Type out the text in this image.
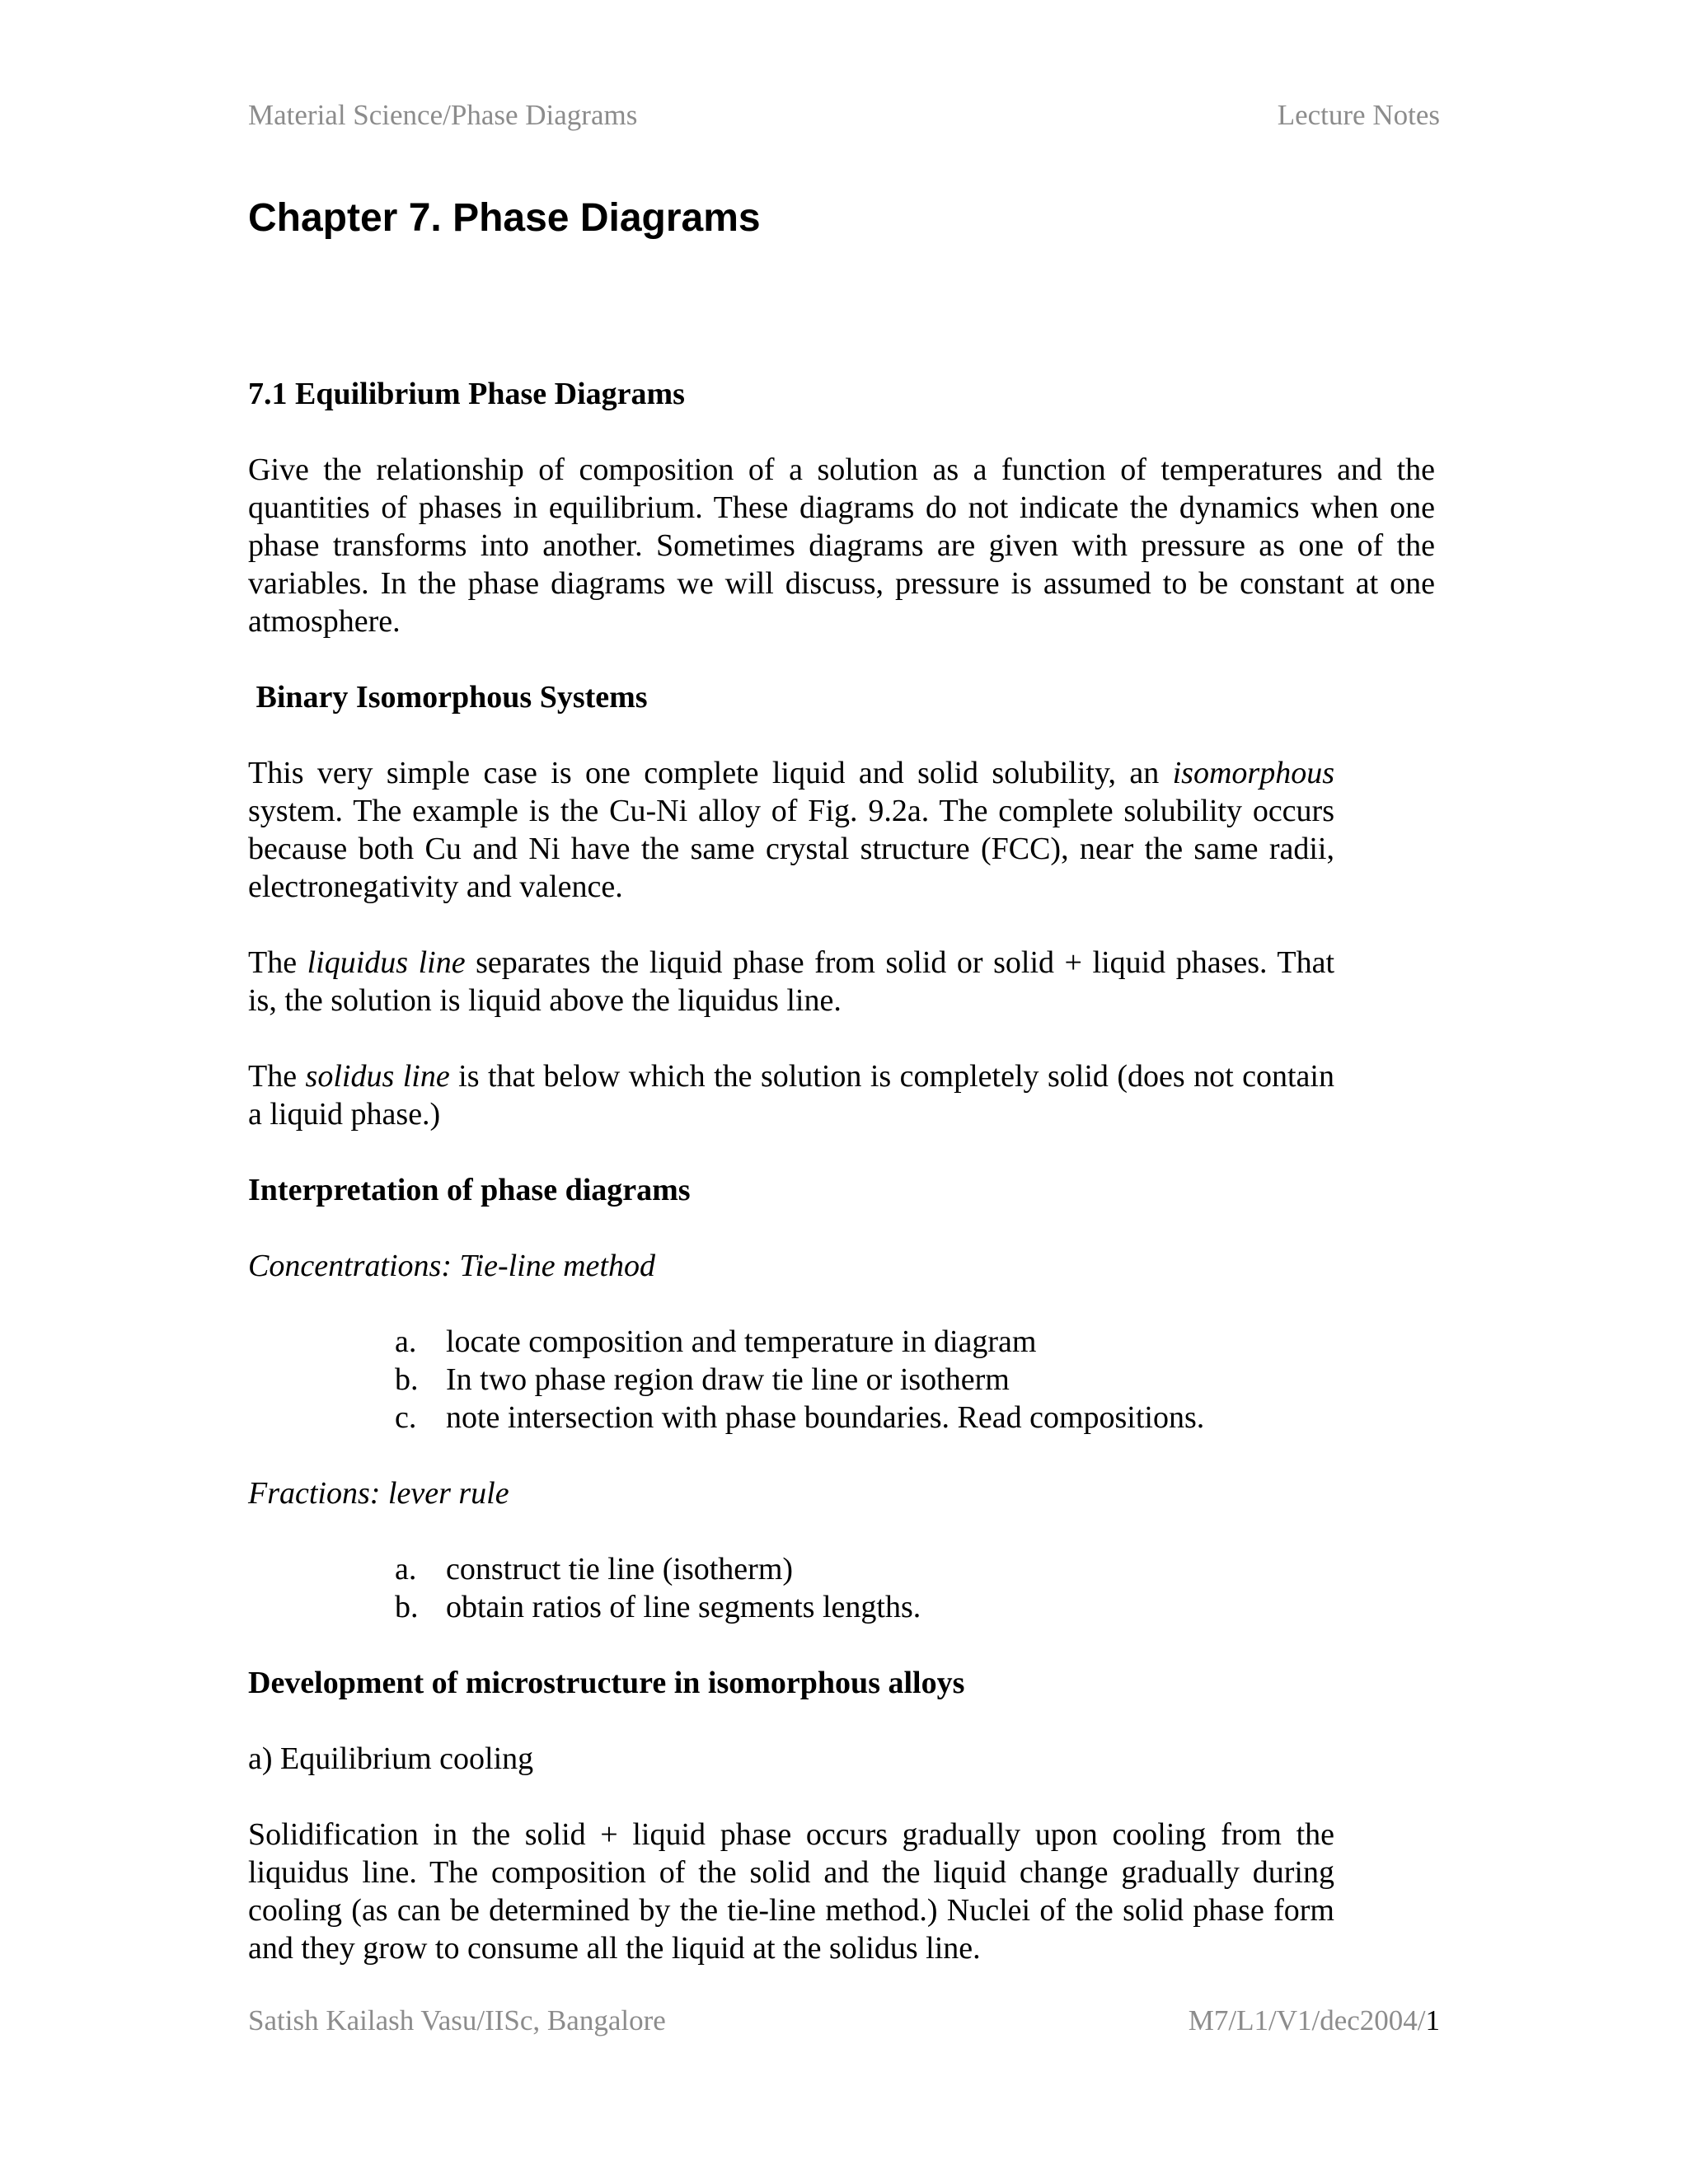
Material Science/Phase Diagrams	Lecture Notes
Chapter 7. Phase Diagrams
7.1 Equilibrium Phase Diagrams

Give the relationship of composition of a solution as a function of temperatures and the quantities of phases in equilibrium. These diagrams do not indicate the dynamics when one phase transforms into another. Sometimes diagrams are given with pressure as one of the variables. In the phase diagrams we will discuss, pressure is assumed to be constant at one atmosphere.

Binary Isomorphous Systems

This very simple case is one complete liquid and solid solubility, an isomorphous system. The example is the Cu-Ni alloy of Fig. 9.2a. The complete solubility occurs because both Cu and Ni have the same crystal structure (FCC), near the same radii, electronegativity and valence.

The liquidus line separates the liquid phase from solid or solid + liquid phases. That is, the solution is liquid above the liquidus line.

The solidus line is that below which the solution is completely solid (does not contain a liquid phase.)

Interpretation of phase diagrams
Concentrations: Tie-line method
a. locate composition and temperature in diagram
b. In two phase region draw tie line or isotherm
c. note intersection with phase boundaries. Read compositions.
Fractions: lever rule
a. construct tie line (isotherm)
b. obtain ratios of line segments lengths.
Development of microstructure in isomorphous alloys

a) Equilibrium cooling

Solidification in the solid + liquid phase occurs gradually upon cooling from the liquidus line. The composition of the solid and the liquid change gradually during cooling (as can be determined by the tie-line method.) Nuclei of the solid phase form and they grow to consume all the liquid at the solidus line.

Satish Kailash Vasu/IISc, Bangalore	M7/L1/V1/dec2004/1
